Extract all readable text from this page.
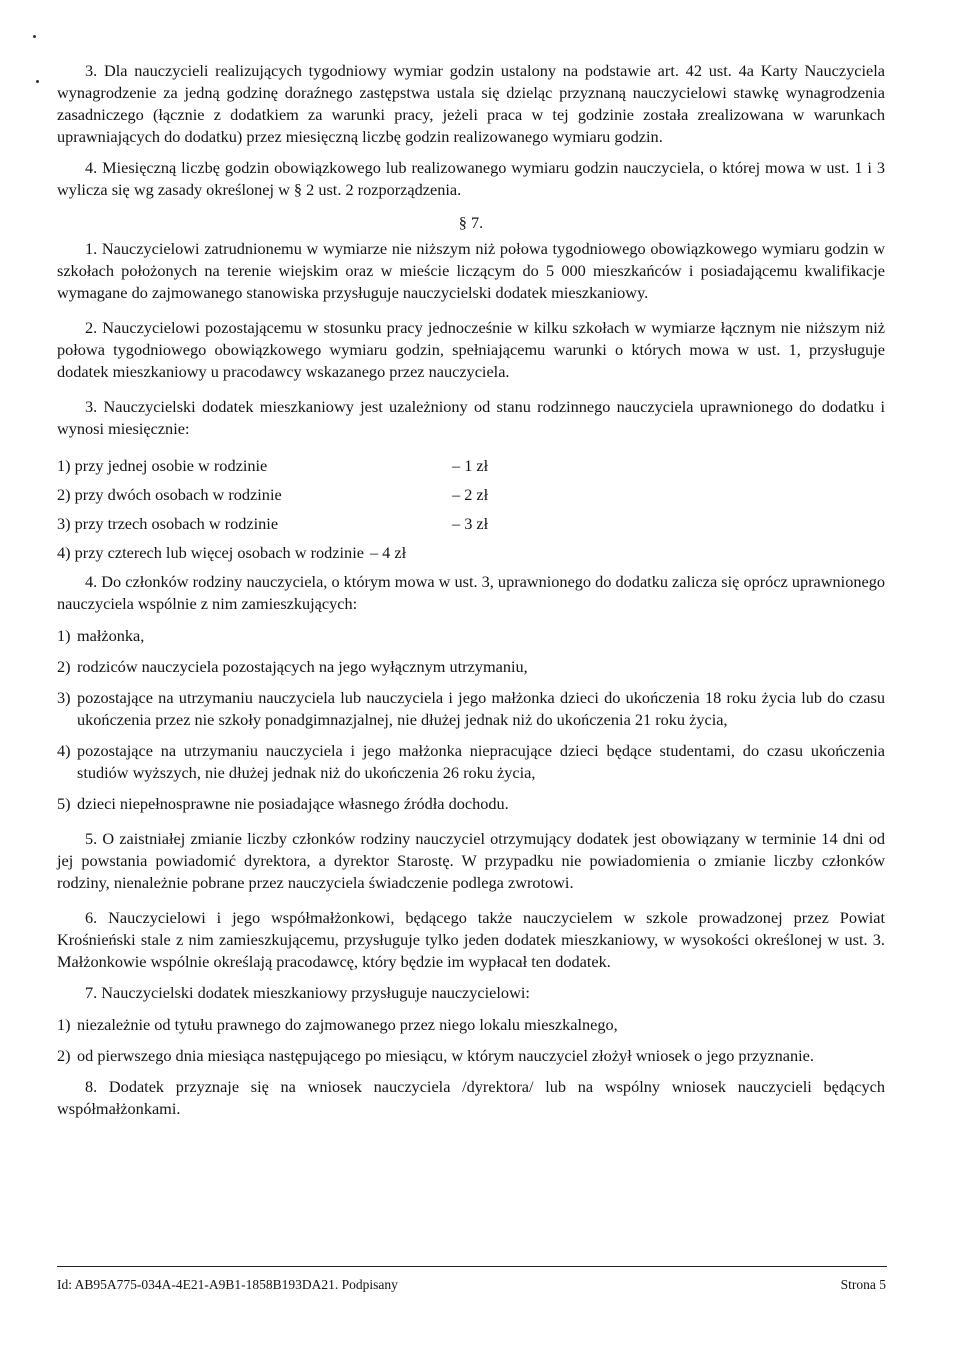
3. Dla nauczycieli realizujących tygodniowy wymiar godzin ustalony na podstawie art. 42 ust. 4a Karty Nauczyciela wynagrodzenie za jedną godzinę doraźnego zastępstwa ustala się dzieląc przyznaną nauczycielowi stawkę wynagrodzenia zasadniczego (łącznie z dodatkiem za warunki pracy, jeżeli praca w tej godzinie została zrealizowana w warunkach uprawniających do dodatku) przez miesięczną liczbę godzin realizowanego wymiaru godzin.

4. Miesięczną liczbę godzin obowiązkowego lub realizowanego wymiaru godzin nauczyciela, o której mowa w ust. 1 i 3 wylicza się wg zasady określonej w § 2 ust. 2 rozporządzenia.

§ 7.

1. Nauczycielowi zatrudnionemu w wymiarze nie niższym niż połowa tygodniowego obowiązkowego wymiaru godzin w szkołach położonych na terenie wiejskim oraz w mieście liczącym do 5 000 mieszkańców i posiadającemu kwalifikacje wymagane do zajmowanego stanowiska przysługuje nauczycielski dodatek mieszkaniowy.

2. Nauczycielowi pozostającemu w stosunku pracy jednocześnie w kilku szkołach w wymiarze łącznym nie niższym niż połowa tygodniowego obowiązkowego wymiaru godzin, spełniającemu warunki o których mowa w ust. 1, przysługuje dodatek mieszkaniowy u pracodawcy wskazanego przez nauczyciela.

3. Nauczycielski dodatek mieszkaniowy jest uzależniony od stanu rodzinnego nauczyciela uprawnionego do dodatku i wynosi miesięcznie:

1) przy jednej osobie w rodzinie	– 1 zł
2) przy dwóch osobach w rodzinie	– 2 zł
3) przy trzech osobach w rodzinie	– 3 zł
4) przy czterech lub więcej osobach w rodzinie – 4 zł

4. Do członków rodziny nauczyciela, o którym mowa w ust. 3, uprawnionego do dodatku zalicza się oprócz uprawnionego nauczyciela wspólnie z nim zamieszkujących:

1) małżonka,
2) rodziców nauczyciela pozostających na jego wyłącznym utrzymaniu,
3) pozostające na utrzymaniu nauczyciela lub nauczyciela i jego małżonka dzieci do ukończenia 18 roku życia lub do czasu ukończenia przez nie szkoły ponadgimnazjalnej, nie dłużej jednak niż do ukończenia 21 roku życia,
4) pozostające na utrzymaniu nauczyciela i jego małżonka niepracujące dzieci będące studentami, do czasu ukończenia studiów wyższych, nie dłużej jednak niż do ukończenia 26 roku życia,
5) dzieci niepełnosprawne nie posiadające własnego źródła dochodu.

5. O zaistniałej zmianie liczby członków rodziny nauczyciel otrzymujący dodatek jest obowiązany w terminie 14 dni od jej powstania powiadomić dyrektora, a dyrektor Starostę. W przypadku nie powiadomienia o zmianie liczby członków rodziny, nienależnie pobrane przez nauczyciela świadczenie podlega zwrotowi.

6. Nauczycielowi i jego współmałżonkowi, będącego także nauczycielem w szkole prowadzonej przez Powiat Krośnieński stale z nim zamieszkującemu, przysługuje tylko jeden dodatek mieszkaniowy, w wysokości określonej w ust. 3. Małżonkowie wspólnie określają pracodawcę, który będzie im wypłacał ten dodatek.

7. Nauczycielski dodatek mieszkaniowy przysługuje nauczycielowi:

1) niezależnie od tytułu prawnego do zajmowanego przez niego lokalu mieszkalnego,
2) od pierwszego dnia miesiąca następującego po miesiącu, w którym nauczyciel złożył wniosek o jego przyznanie.

8. Dodatek przyznaje się na wniosek nauczyciela /dyrektora/ lub na wspólny wniosek nauczycieli będących współmałżonkami.

Id: AB95A775-034A-4E21-A9B1-1858B193DA21. Podpisany	Strona 5
